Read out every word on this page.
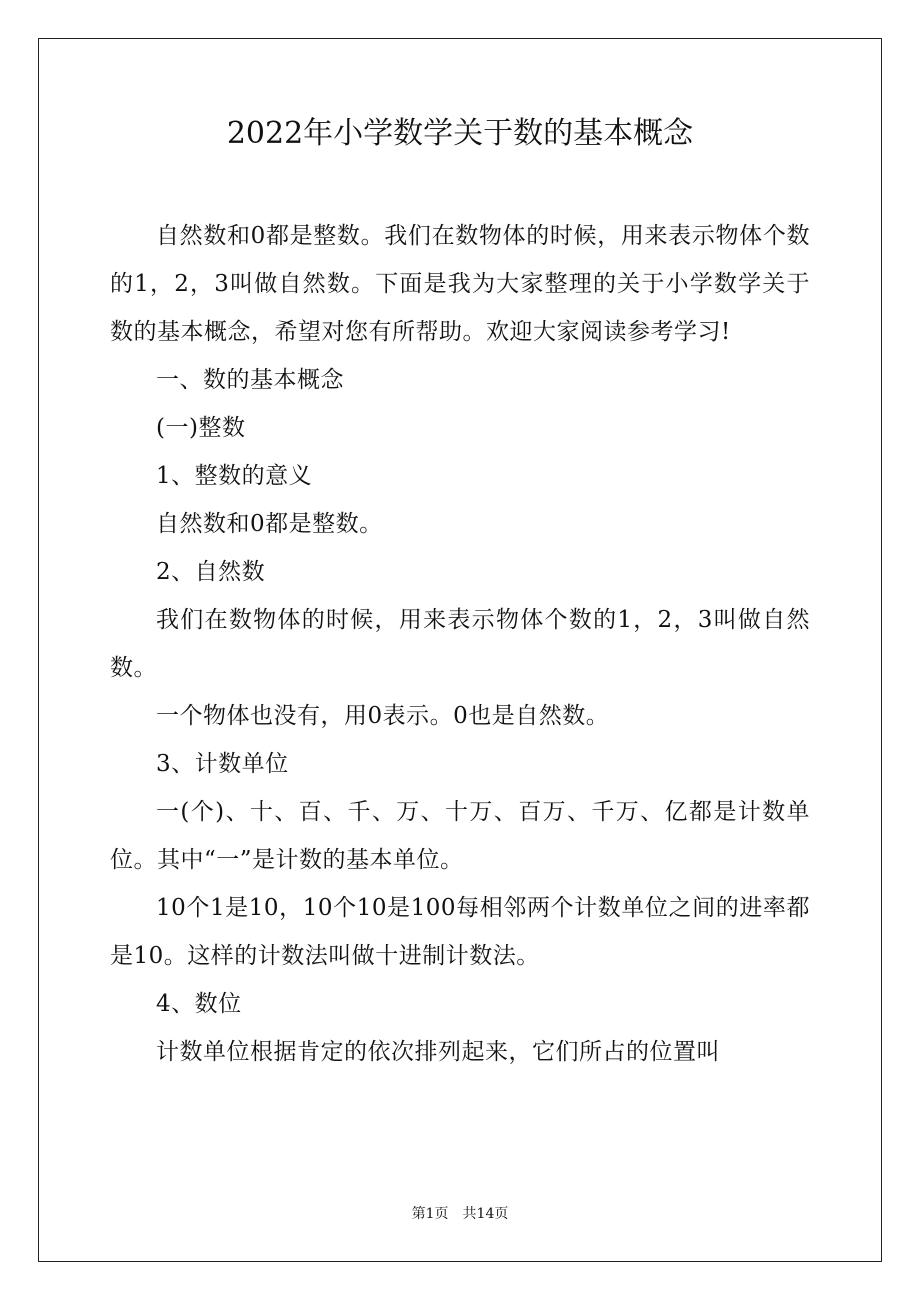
2022年小学数学关于数的基本概念

自然数和0都是整数。我们在数物体的时候，用来表示物体个数的1，2，3叫做自然数。下面是我为大家整理的关于小学数学关于数的基本概念，希望对您有所帮助。欢迎大家阅读参考学习!

一、数的基本概念

(一)整数

1、整数的意义

自然数和0都是整数。

2、自然数

我们在数物体的时候，用来表示物体个数的1，2，3叫做自然数。

一个物体也没有，用0表示。0也是自然数。

3、计数单位

一(个)、十、百、千、万、十万、百万、千万、亿都是计数单位。其中“一”是计数的基本单位。

10个1是10，10个10是100每相邻两个计数单位之间的进率都是10。这样的计数法叫做十进制计数法。

4、数位

计数单位根据肯定的依次排列起来，它们所占的位置叫

第1页 共14页
